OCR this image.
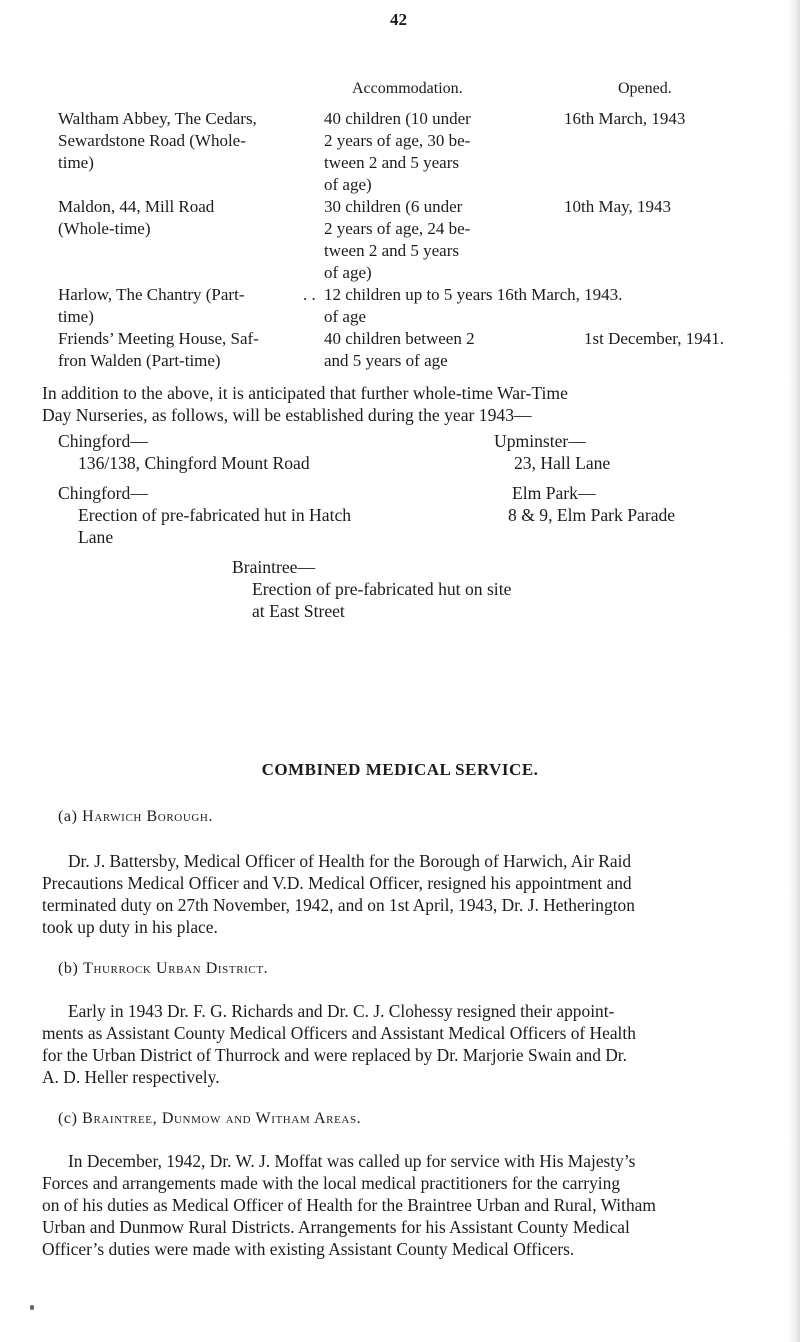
42
Accommodation.	Opened.
Waltham Abbey, The Cedars,
Sewardstone Road (Whole-
time)
40 children (10 under
2 years of age, 30 be-
tween 2 and 5 years
of age)
16th March, 1943
Maldon, 44, Mill Road
(Whole-time)
30 children (6 under
2 years of age, 24 be-
tween 2 and 5 years
of age)
10th May, 1943
Harlow, The Chantry (Part-
time)
. . 12 children up to 5 years 16th March, 1943.
of age
Friends’ Meeting House, Saf-
fron Walden (Part-time)
40 children between 2
and 5 years of age
1st December, 1941.
In addition to the above, it is anticipated that further whole-time War-Time
Day Nurseries, as follows, will be established during the year 1943—
Chingford—
136/138, Chingford Mount Road
Upminster—
23, Hall Lane
Chingford—
Erection of pre-fabricated hut in Hatch
Lane
Elm Park—
8 & 9, Elm Park Parade
Braintree—
Erection of pre-fabricated hut on site
at East Street
COMBINED MEDICAL SERVICE.
(a) Harwich Borough.
Dr. J. Battersby, Medical Officer of Health for the Borough of Harwich, Air Raid
Precautions Medical Officer and V.D. Medical Officer, resigned his appointment and
terminated duty on 27th November, 1942, and on 1st April, 1943, Dr. J. Hetherington
took up duty in his place.
(b) Thurrock Urban District.
Early in 1943 Dr. F. G. Richards and Dr. C. J. Clohessy resigned their appoint-
ments as Assistant County Medical Officers and Assistant Medical Officers of Health
for the Urban District of Thurrock and were replaced by Dr. Marjorie Swain and Dr.
A. D. Heller respectively.
(c) Braintree, Dunmow and Witham Areas.
In December, 1942, Dr. W. J. Moffat was called up for service with His Majesty’s
Forces and arrangements made with the local medical practitioners for the carrying
on of his duties as Medical Officer of Health for the Braintree Urban and Rural, Witham
Urban and Dunmow Rural Districts. Arrangements for his Assistant County Medical
Officer’s duties were made with existing Assistant County Medical Officers.
